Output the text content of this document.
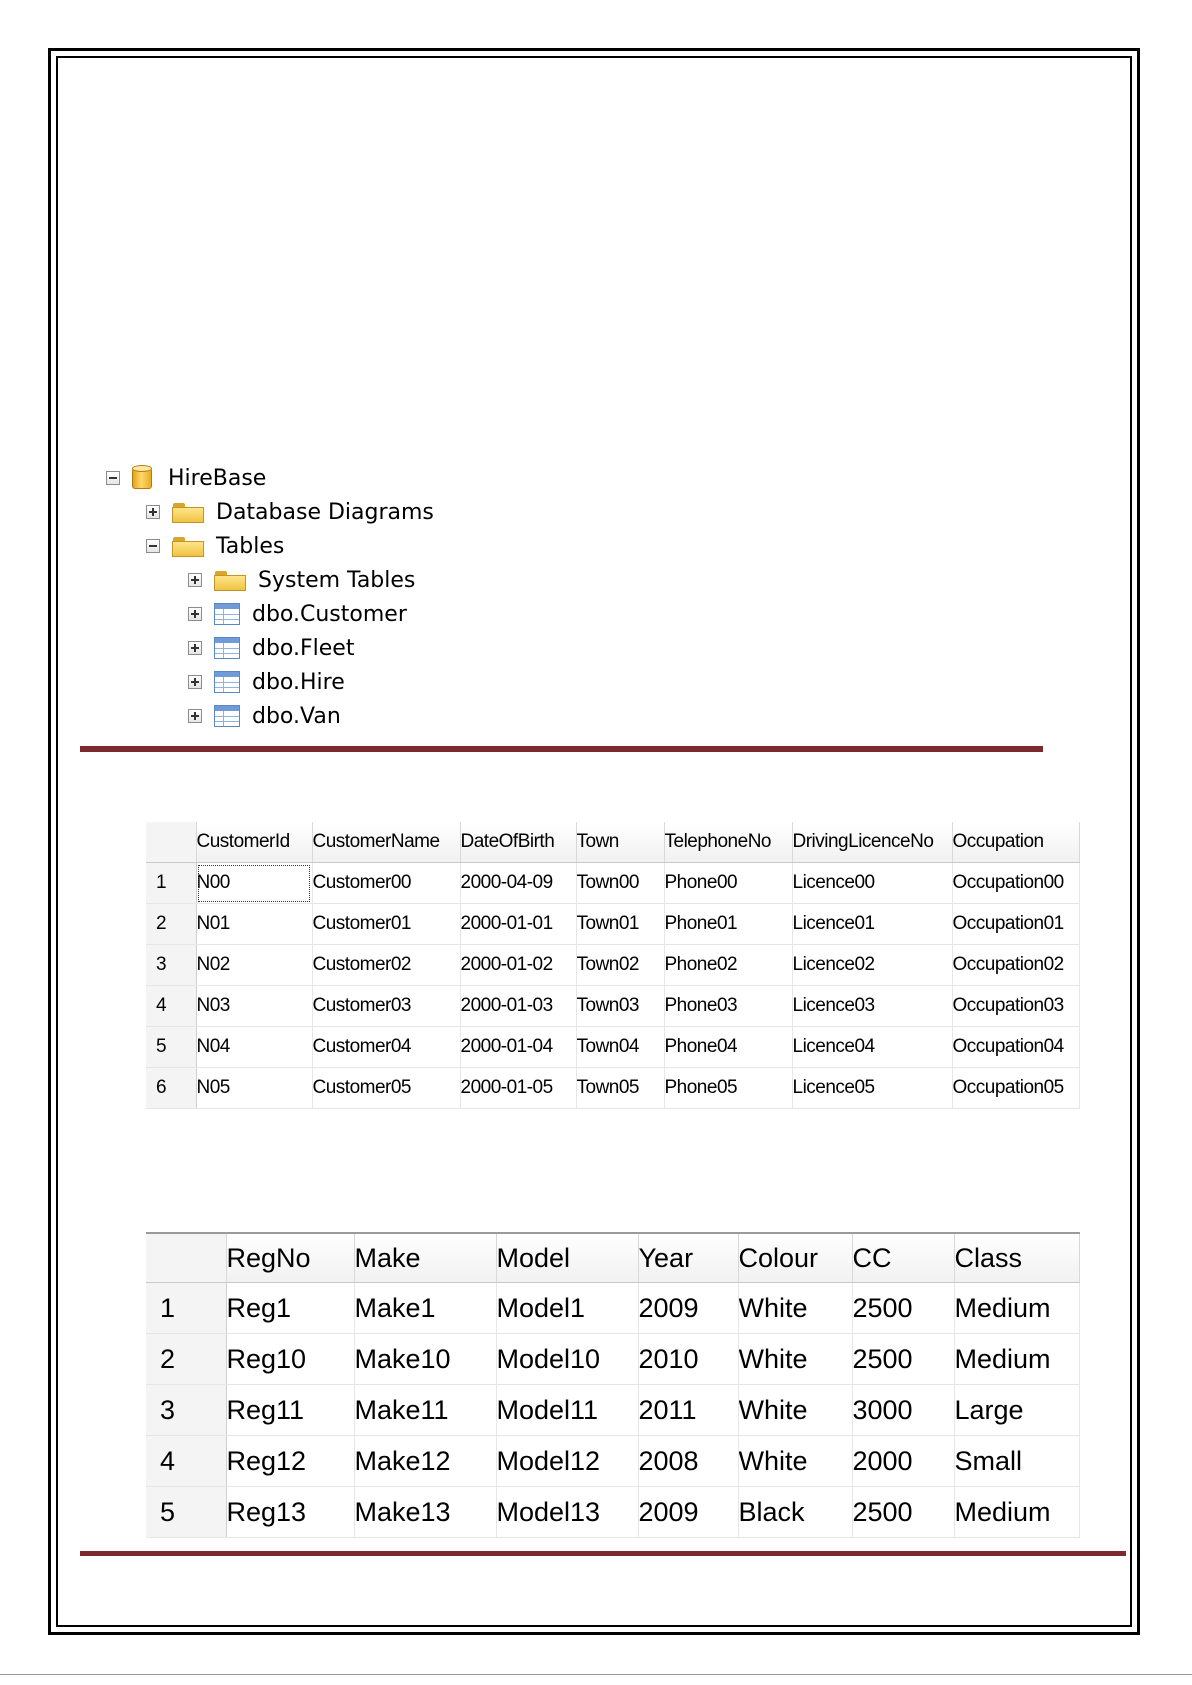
HireBase
Database Diagrams
Tables
System Tables
dbo.Customer
dbo.Fleet
dbo.Hire
dbo.Van
	CustomerId	CustomerName	DateOfBirth	Town	TelephoneNo	DrivingLicenceNo	Occupation
1	N00	Customer00	2000-04-09	Town00	Phone00	Licence00	Occupation00
2	N01	Customer01	2000-01-01	Town01	Phone01	Licence01	Occupation01
3	N02	Customer02	2000-01-02	Town02	Phone02	Licence02	Occupation02
4	N03	Customer03	2000-01-03	Town03	Phone03	Licence03	Occupation03
5	N04	Customer04	2000-01-04	Town04	Phone04	Licence04	Occupation04
6	N05	Customer05	2000-01-05	Town05	Phone05	Licence05	Occupation05
	RegNo	Make	Model	Year	Colour	CC	Class
1	Reg1	Make1	Model1	2009	White	2500	Medium
2	Reg10	Make10	Model10	2010	White	2500	Medium
3	Reg11	Make11	Model11	2011	White	3000	Large
4	Reg12	Make12	Model12	2008	White	2000	Small
5	Reg13	Make13	Model13	2009	Black	2500	Medium
